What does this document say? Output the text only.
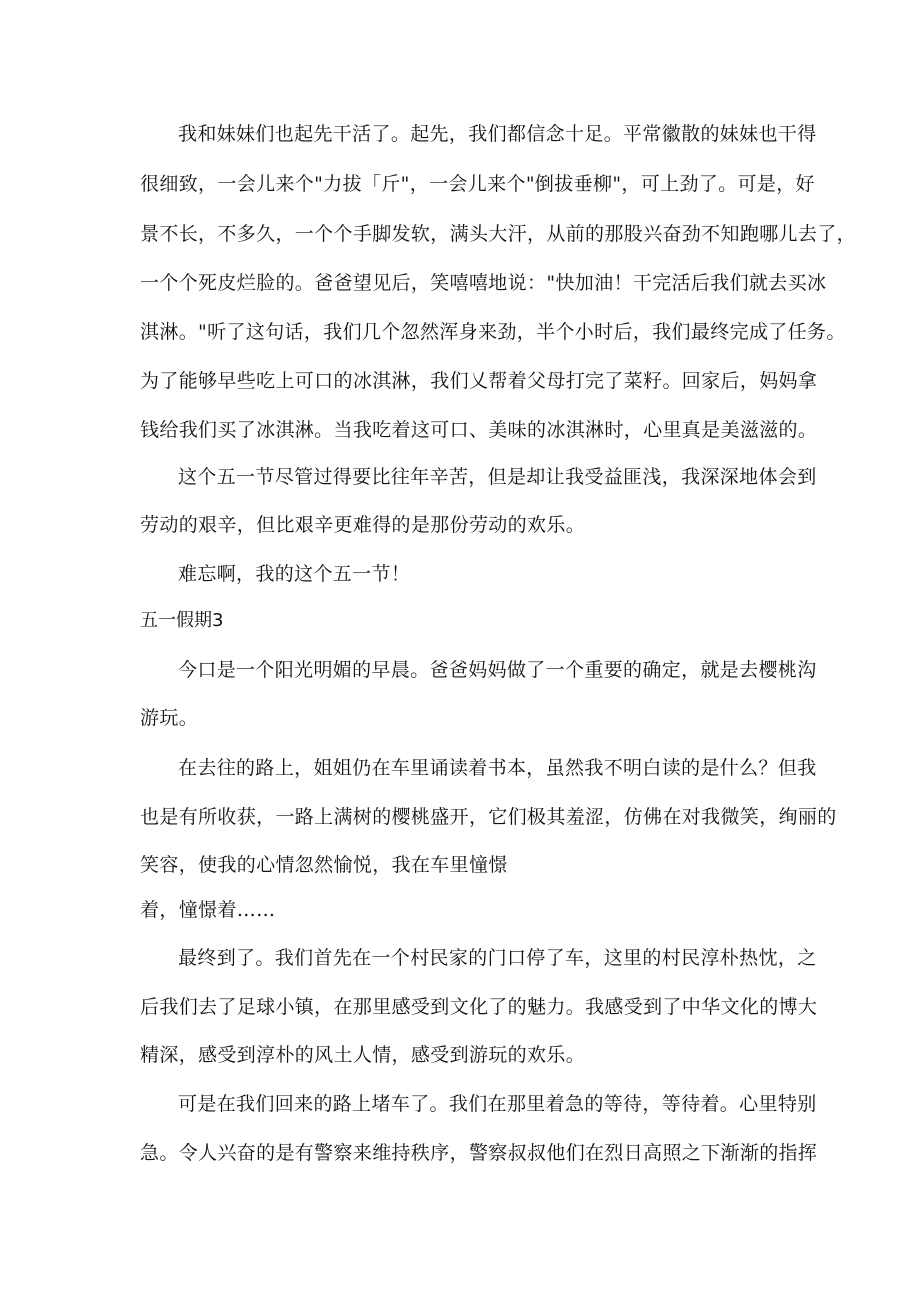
我和妹妹们也起先干活了。起先，我们都信念十足。平常徽散的妹妹也干得
很细致，一会儿来个"力拔「斤"，一会儿来个"倒拔垂柳"，可上劲了。可是，好
景不长，不多久，一个个手脚发软，满头大汗，从前的那股兴奋劲不知跑哪儿去了，
一个个死皮烂脸的。爸爸望见后，笑嘻嘻地说："快加油！干完活后我们就去买冰
淇淋。"听了这句话，我们几个忽然浑身来劲，半个小时后，我们最终完成了任务。
为了能够早些吃上可口的冰淇淋，我们乂帮着父母打完了菜籽。回家后，妈妈拿
钱给我们买了冰淇淋。当我吃着这可口、美味的冰淇淋时，心里真是美滋滋的。
这个五一节尽管过得要比往年辛苦，但是却让我受益匪浅，我深深地体会到
劳动的艰辛，但比艰辛更难得的是那份劳动的欢乐。
难忘啊，我的这个五一节！
五一假期3
今口是一个阳光明媚的早晨。爸爸妈妈做了一个重要的确定，就是去樱桃沟
游玩。
在去往的路上，姐姐仍在车里诵读着书本，虽然我不明白读的是什么？但我
也是有所收获，一路上满树的樱桃盛开，它们极其羞涩，仿佛在对我微笑，绚丽的
笑容，使我的心情忽然愉悦，我在车里憧憬
着，憧憬着……
最终到了。我们首先在一个村民家的门口停了车，这里的村民淳朴热忱，之
后我们去了足球小镇，在那里感受到文化了的魅力。我感受到了中华文化的博大
精深，感受到淳朴的风土人情，感受到游玩的欢乐。
可是在我们回来的路上堵车了。我们在那里着急的等待，等待着。心里特别
急。令人兴奋的是有警察来维持秩序，警察叔叔他们在烈日高照之下渐渐的指挥
